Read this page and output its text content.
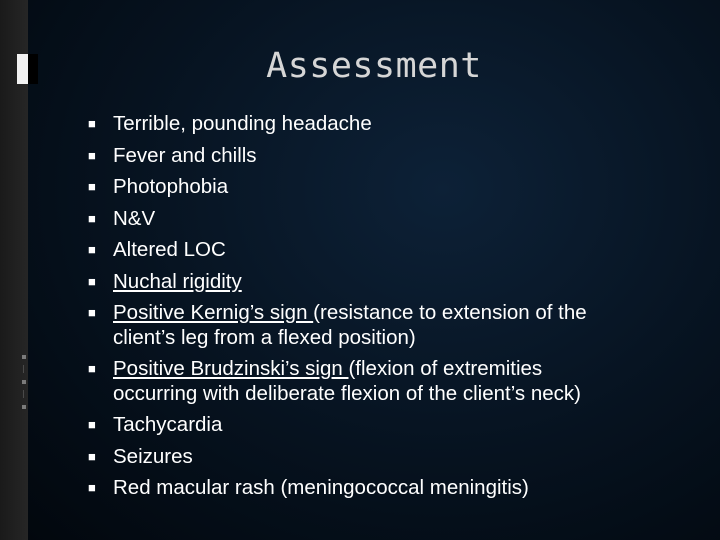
Assessment
■ Terrible, pounding headache
■ Fever and chills
■ Photophobia
■ N&V
■ Altered LOC
■ Nuchal rigidity
■ Positive Kernig’s sign (resistance to extension of the
client’s leg from a flexed position)
■ Positive Brudzinski’s sign (flexion of extremities
occurring with deliberate flexion of the client’s neck)
■ Tachycardia
■ Seizures
■ Red macular rash (meningococcal meningitis)
